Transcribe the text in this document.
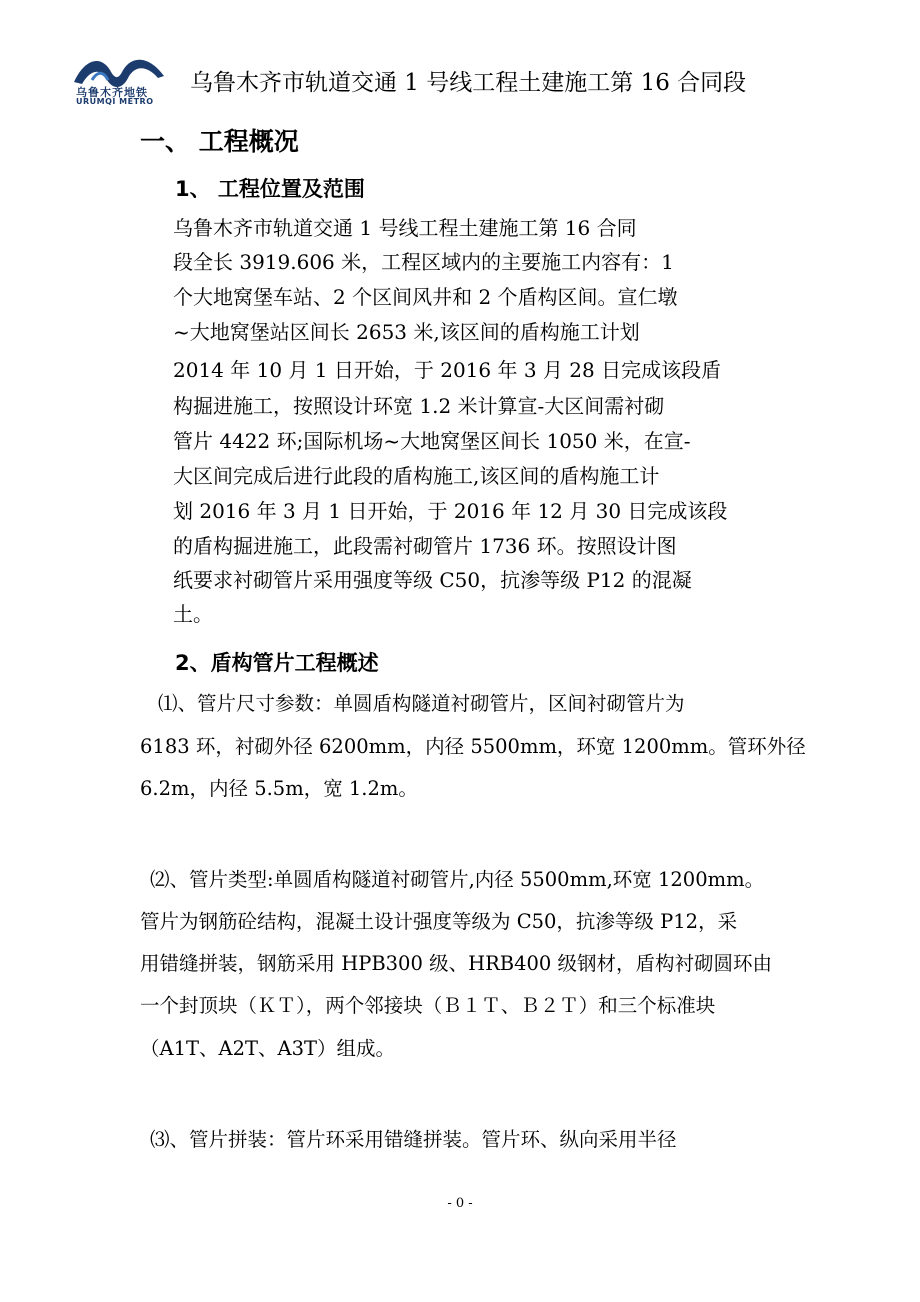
乌鲁木齐地铁
URUMQI METRO
乌鲁木齐市轨道交通 1 号线工程土建施工第 16 合同段
一、 工程概况
1、 工程位置及范围
乌鲁木齐市轨道交通 1 号线工程土建施工第 16 合同
段全长 3919.606 米，工程区域内的主要施工内容有：1
个大地窝堡车站、2 个区间风井和 2 个盾构区间。宣仁墩
~大地窝堡站区间长 2653 米,该区间的盾构施工计划
2014 年 10 月 1 日开始，于 2016 年 3 月 28 日完成该段盾
构掘进施工，按照设计环宽 1.2 米计算宣-大区间需衬砌
管片 4422 环;国际机场~大地窝堡区间长 1050 米，在宣-
大区间完成后进行此段的盾构施工,该区间的盾构施工计
划 2016 年 3 月 1 日开始，于 2016 年 12 月 30 日完成该段
的盾构掘进施工，此段需衬砌管片 1736 环。按照设计图
纸要求衬砌管片采用强度等级 C50，抗渗等级 P12 的混凝
土。
2、盾构管片工程概述
⑴、管片尺寸参数：单圆盾构隧道衬砌管片，区间衬砌管片为
6183 环，衬砌外径 6200mm，内径 5500mm，环宽 1200mm。管环外径
6.2m，内径 5.5m，宽 1.2m。
⑵、管片类型:单圆盾构隧道衬砌管片,内径 5500mm,环宽 1200mm。
管片为钢筋砼结构，混凝土设计强度等级为 C50，抗渗等级 P12，采
用错缝拼装，钢筋采用 HPB300 级、HRB400 级钢材，盾构衬砌圆环由
一个封顶块（ＫＴ），两个邻接块（Ｂ１Ｔ、Ｂ２Ｔ）和三个标准块
（A1T、A2T、A3T）组成。
⑶、管片拼装：管片环采用错缝拼装。管片环、纵向采用半径
- 0 -
